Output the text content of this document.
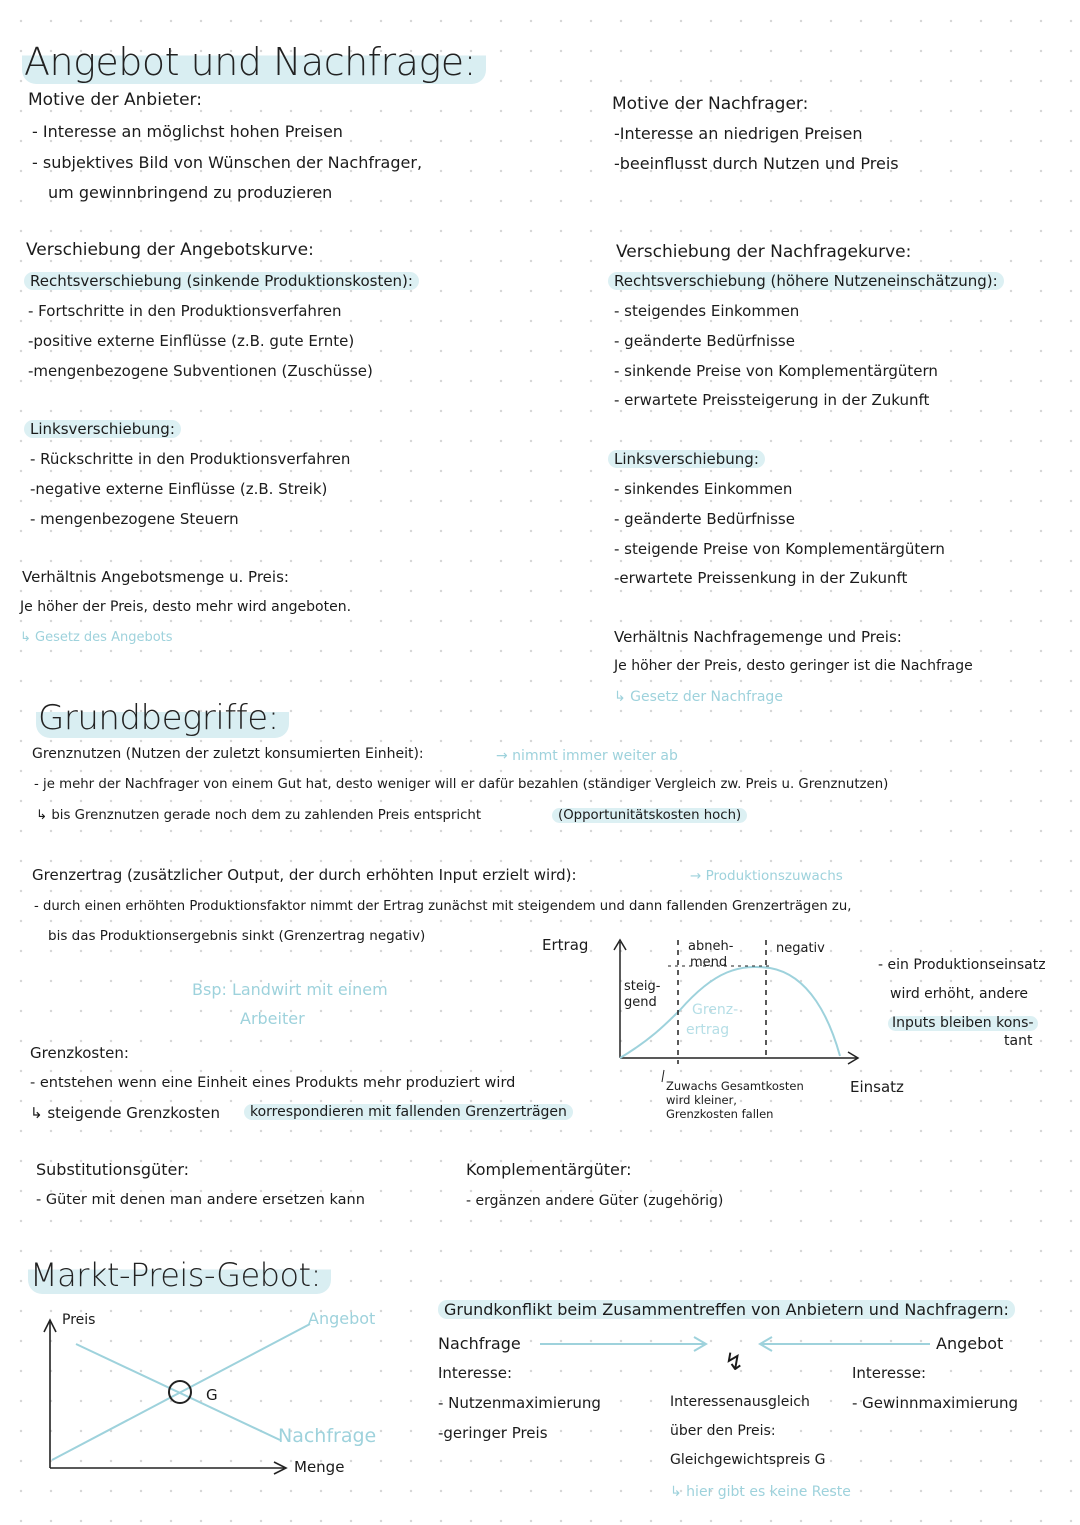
Angebot und Nachfrage:
Motive der Anbieter:
- Interesse an möglichst hohen Preisen
- subjektives Bild von Wünschen der Nachfrager,
um gewinnbringend zu produzieren
Motive der Nachfrager:
-Interesse an niedrigen Preisen
-beeinflusst durch Nutzen und Preis
Verschiebung der Angebotskurve:
Rechtsverschiebung (sinkende Produktionskosten):
- Fortschritte in den Produktionsverfahren
-positive externe Einflüsse (z.B. gute Ernte)
-mengenbezogene Subventionen (Zuschüsse)
Linksverschiebung:
- Rückschritte in den Produktionsverfahren
-negative externe Einflüsse (z.B. Streik)
- mengenbezogene Steuern
Verschiebung der Nachfragekurve:
Rechtsverschiebung (höhere Nutzeneinschätzung):
- steigendes Einkommen
- geänderte Bedürfnisse
- sinkende Preise von Komplementärgütern
- erwartete Preissteigerung in der Zukunft
Linksverschiebung:
- sinkendes Einkommen
- geänderte Bedürfnisse
- steigende Preise von Komplementärgütern
-erwartete Preissenkung in der Zukunft
Verhältnis Angebotsmenge u. Preis:
Je höher der Preis, desto mehr wird angeboten.
↳ Gesetz des Angebots	Verhältnis Nachfragemenge und Preis:
Je höher der Preis, desto geringer ist die Nachfrage
↳ Gesetz der Nachfrage
Grundbegriffe:
Grenznutzen (Nutzen der zuletzt konsumierten Einheit):	→ nimmt immer weiter ab
- je mehr der Nachfrager von einem Gut hat, desto weniger will er dafür bezahlen (ständiger Vergleich zw. Preis u. Grenznutzen)
↳ bis Grenznutzen gerade noch dem zu zahlenden Preis entspricht	(Opportunitätskosten hoch)
Grenzertrag (zusätzlicher Output, der durch erhöhten Input erzielt wird):	→ Produktionszuwachs
- durch einen erhöhten Produktionsfaktor nimmt der Ertrag zunächst mit steigendem und dann fallenden Grenzerträgen zu,
bis das Produktionsergebnis sinkt (Grenzertrag negativ)
Bsp: Landwirt mit einem
Arbeiter
- ein Produktionseinsatz
wird erhöht, andere
Inputs bleiben kons-
tant
Ertrag
Einsatz
steig-
gend
abneh-
mend
negativ
Grenz-
ertrag
Zuwachs Gesamtkosten
wird kleiner,
Grenzkosten fallen
Grenzkosten:
- entstehen wenn eine Einheit eines Produkts mehr produziert wird
↳ steigende Grenzkosten	korrespondieren mit fallenden Grenzerträgen
Substitutionsgüter:
- Güter mit denen man andere ersetzen kann
Komplementärgüter:
- ergänzen andere Güter (zugehörig)
Markt-Preis-Gebot:
Preis
Menge
Angebot
Nachfrage
G
Grundkonflikt beim Zusammentreffen von Anbietern und Nachfragern:
Nachfrage	Angebot
↯
Interesse:
- Nutzenmaximierung
-geringer Preis
Interesse:
- Gewinnmaximierung
Interessenausgleich
über den Preis:
Gleichgewichtspreis G
↳ hier gibt es keine Reste
